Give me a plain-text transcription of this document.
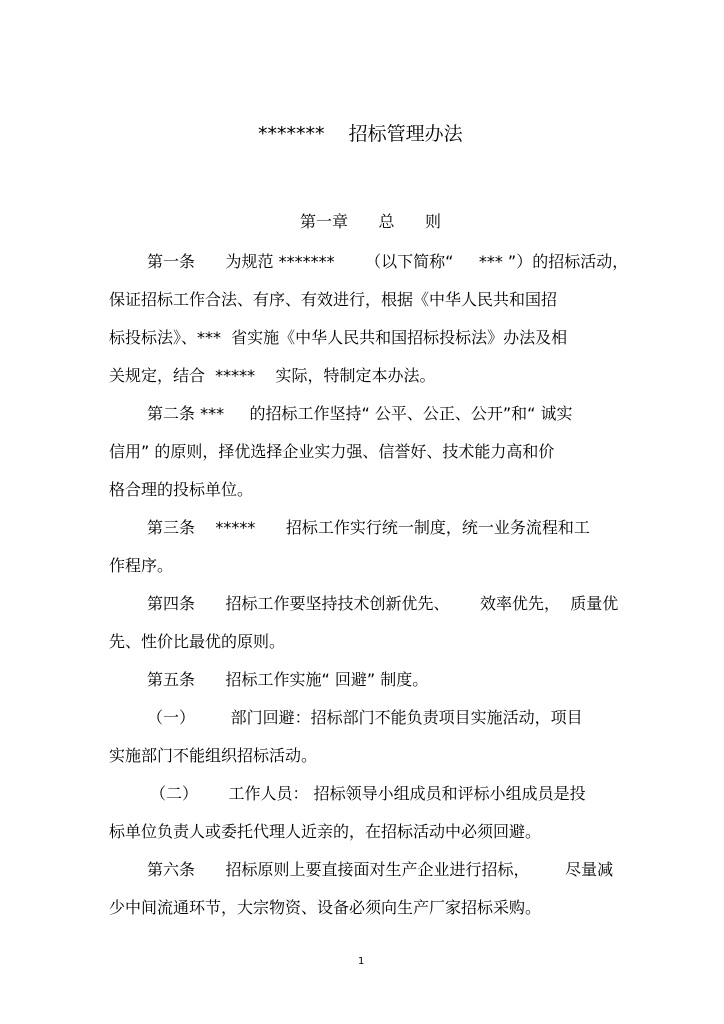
*******    招标管理办法
第一章      总      则
第一条      为规范 *******      （以下简称“     *** ”）的招标活动，
保证招标工作合法、有序、有效进行，根据《中华人民共和国招
标投标法》、***  省实施《中华人民共和国招标投标法》办法及相
关规定，结合  *****    实际，特制定本办法。
第二条 ***     的招标工作坚持“ 公平、公正、公开”和“ 诚实
信用” 的原则，择优选择企业实力强、信誉好、技术能力高和价
格合理的投标单位。
第三条    *****      招标工作实行统一制度，统一业务流程和工
作程序。
第四条      招标工作要坚持技术创新优先、      效率优先，  质量优
先、性价比最优的原则。
第五条      招标工作实施“ 回避” 制度。
（一）       部门回避：招标部门不能负责项目实施活动，项目
实施部门不能组织招标活动。
（二）      工作人员： 招标领导小组成员和评标小组成员是投
标单位负责人或委托代理人近亲的，在招标活动中必须回避。
第六条      招标原则上要直接面对生产企业进行招标，       尽量减
少中间流通环节，大宗物资、设备必须向生产厂家招标采购。
1
